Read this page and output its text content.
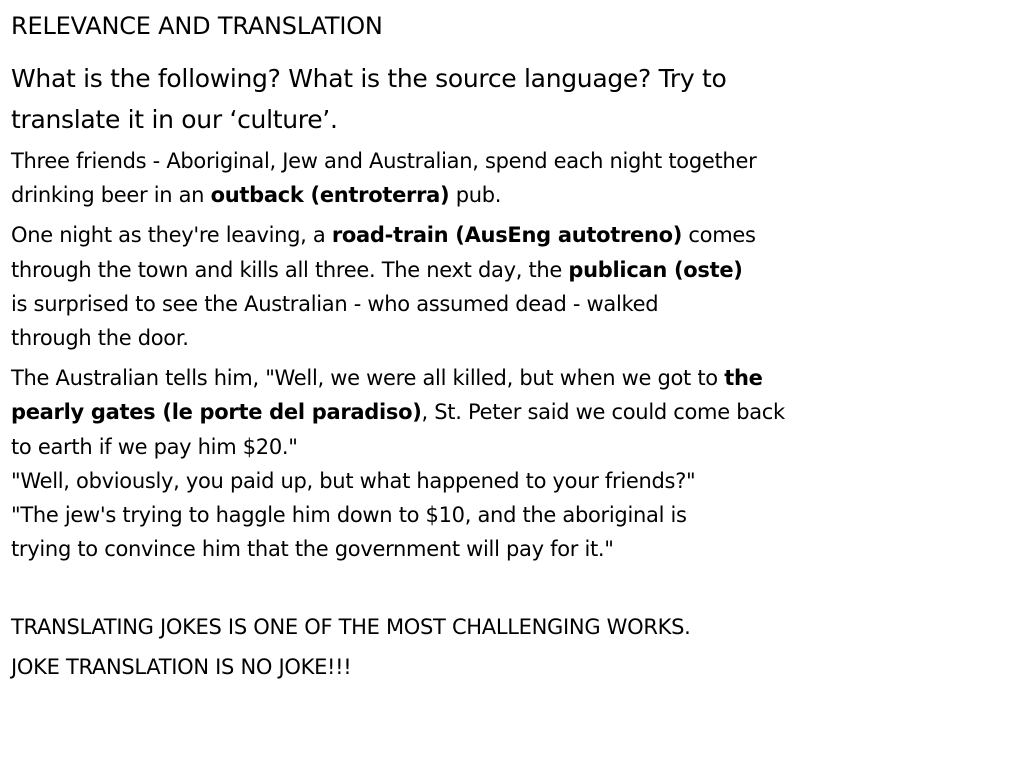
RELEVANCE AND TRANSLATION

What is the following? What is the source language? Try to
translate it in our ‘culture’.

Three friends - Aboriginal, Jew and Australian, spend each night together
drinking beer in an outback (entroterra) pub.

One night as they're leaving, a road-train (AusEng autotreno) comes
through the town and kills all three. The next day, the publican (oste)
is surprised to see the Australian - who assumed dead - walked
through the door.

The Australian tells him, "Well, we were all killed, but when we got to the
pearly gates (le porte del paradiso), St. Peter said we could come back
to earth if we pay him $20."
"Well, obviously, you paid up, but what happened to your friends?"
"The jew's trying to haggle him down to $10, and the aboriginal is
trying to convince him that the government will pay for it."

TRANSLATING JOKES IS ONE OF THE MOST CHALLENGING WORKS.

JOKE TRANSLATION IS NO JOKE!!!
